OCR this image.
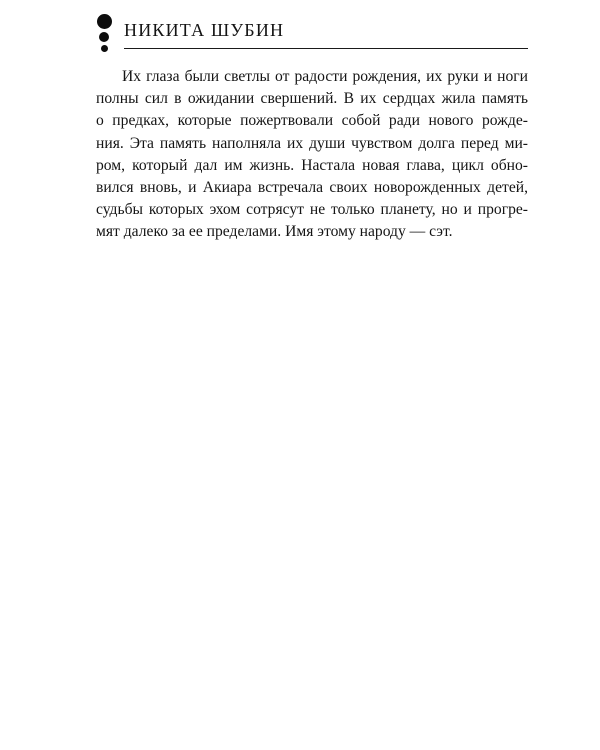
НИКИТА ШУБИН
Их глаза были светлы от радости рождения, их руки и ноги
полны сил в ожидании свершений. В их сердцах жила память
о предках, которые пожертвовали собой ради нового рожде-
ния. Эта память наполняла их души чувством долга перед ми-
ром, который дал им жизнь. Настала новая глава, цикл обно-
вился вновь, и Акиара встречала своих новорожденных детей,
судьбы которых эхом сотрясут не только планету, но и прогре-
мят далеко за ее пределами. Имя этому народу — сэт.
